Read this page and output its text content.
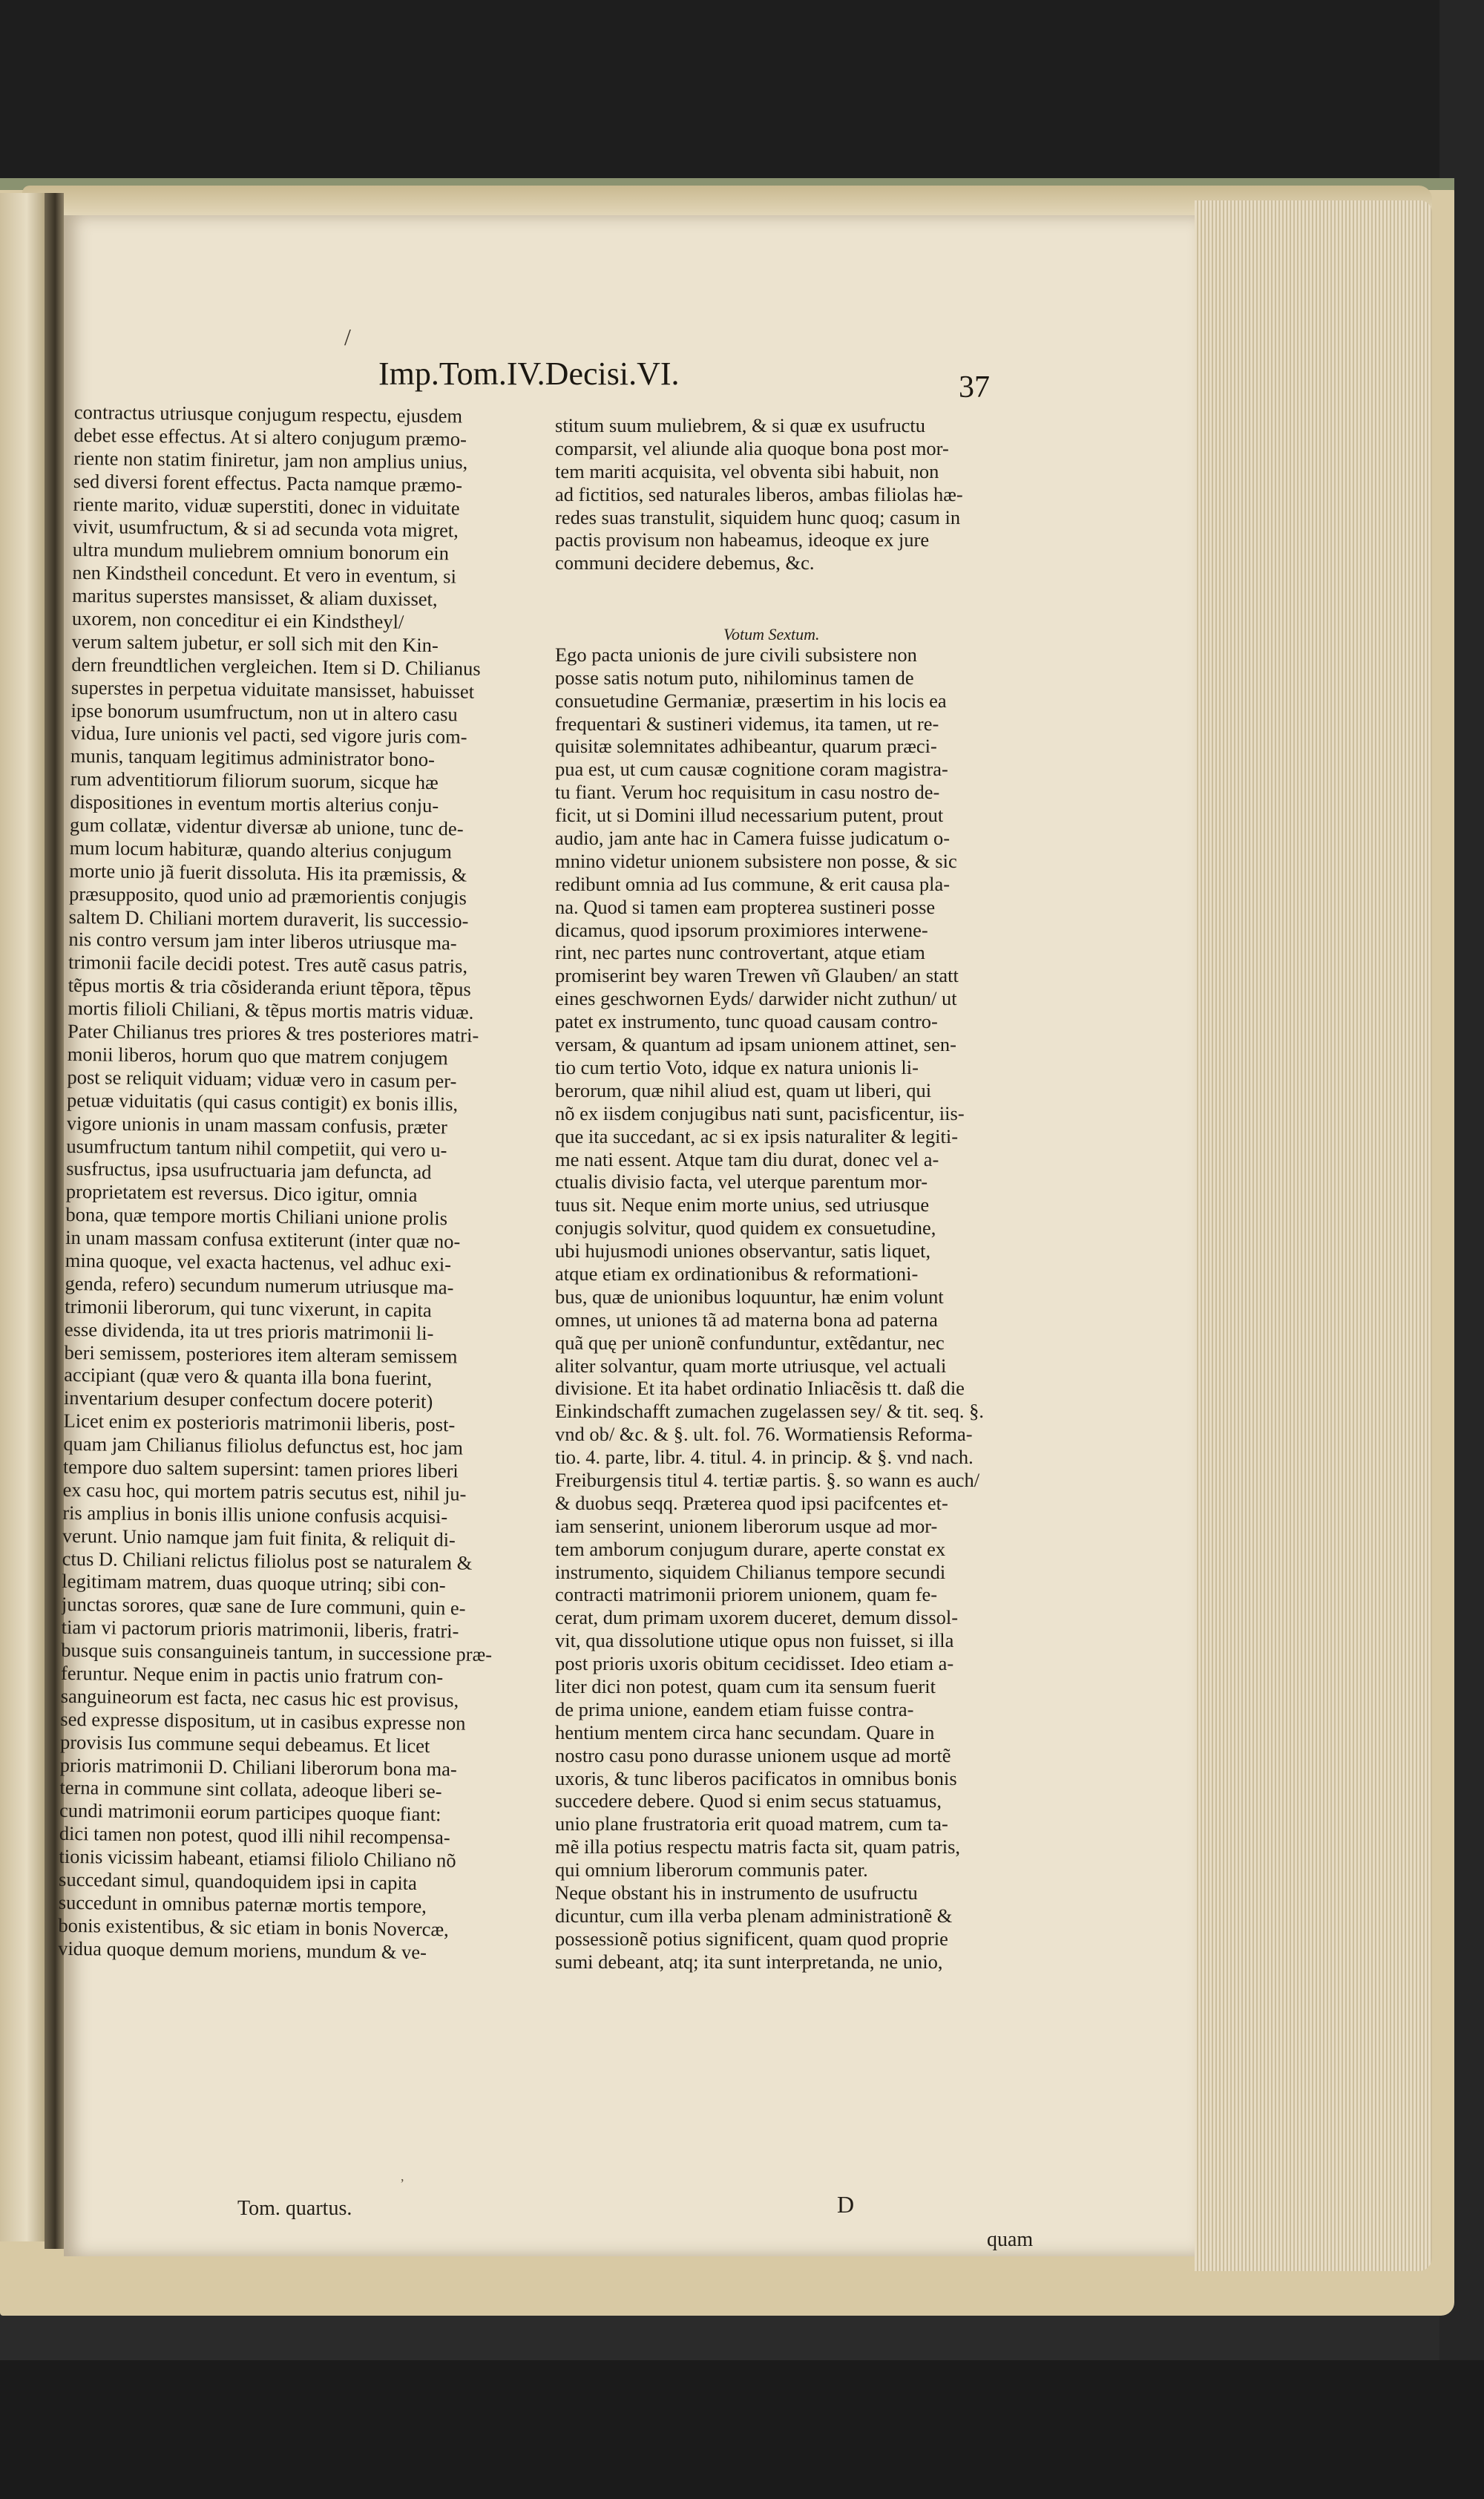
/
Imp.Tom.IV.Decisi.VI.	37
contractus utriusque conjugum respectu, ejusdem
debet esse effectus. At si altero conjugum præmo-
riente non statim finiretur, jam non amplius unius,
sed diversi forent effectus. Pacta namque præmo-
riente marito, viduæ superstiti, donec in viduitate
vivit, usumfructum, & si ad secunda vota migret,
ultra mundum muliebrem omnium bonorum ein
nen Kindstheil concedunt. Et vero in eventum, si
maritus superstes mansisset, & aliam duxisset,
uxorem, non conceditur ei ein Kindstheyl/
verum saltem jubetur, er soll sich mit den Kin-
dern freundtlichen vergleichen. Item si D. Chilianus
superstes in perpetua viduitate mansisset, habuisset
ipse bonorum usumfructum, non ut in altero casu
vidua, Iure unionis vel pacti, sed vigore juris com-
munis, tanquam legitimus administrator bono-
rum adventitiorum filiorum suorum, sicque hæ
dispositiones in eventum mortis alterius conju-
gum collatæ, videntur diversæ ab unione, tunc de-
mum locum habituræ, quando alterius conjugum
morte unio jã fuerit dissoluta. His ita præmissis, &
præsupposito, quod unio ad præmorientis conjugis
saltem D. Chiliani mortem duraverit, lis successio-
nis contro versum jam inter liberos utriusque ma-
trimonii facile decidi potest. Tres autẽ casus patris,
tẽpus mortis & tria cõsideranda eriunt tẽpora, tẽpus
mortis filioli Chiliani, & tẽpus mortis matris viduæ.
Pater Chilianus tres priores & tres posteriores matri-
monii liberos, horum quo que matrem conjugem
post se reliquit viduam; viduæ vero in casum per-
petuæ viduitatis (qui casus contigit) ex bonis illis,
vigore unionis in unam massam confusis, præter
usumfructum tantum nihil competiit, qui vero u-
susfructus, ipsa usufructuaria jam defuncta, ad
proprietatem est reversus. Dico igitur, omnia
bona, quæ tempore mortis Chiliani unione prolis
in unam massam confusa extiterunt (inter quæ no-
mina quoque, vel exacta hactenus, vel adhuc exi-
genda, refero) secundum numerum utriusque ma-
trimonii liberorum, qui tunc vixerunt, in capita
esse dividenda, ita ut tres prioris matrimonii li-
beri semissem, posteriores item alteram semissem
accipiant (quæ vero & quanta illa bona fuerint,
inventarium desuper confectum docere poterit)
Licet enim ex posterioris matrimonii liberis, post-
quam jam Chilianus filiolus defunctus est, hoc jam
tempore duo saltem supersint: tamen priores liberi
ex casu hoc, qui mortem patris secutus est, nihil ju-
ris amplius in bonis illis unione confusis acquisi-
verunt. Unio namque jam fuit finita, & reliquit di-
ctus D. Chiliani relictus filiolus post se naturalem &
legitimam matrem, duas quoque utrinq; sibi con-
junctas sorores, quæ sane de Iure communi, quin e-
tiam vi pactorum prioris matrimonii, liberis, fratri-
busque suis consanguineis tantum, in successione præ-
feruntur. Neque enim in pactis unio fratrum con-
sanguineorum est facta, nec casus hic est provisus,
sed expresse dispositum, ut in casibus expresse non
provisis Ius commune sequi debeamus. Et licet
prioris matrimonii D. Chiliani liberorum bona ma-
terna in commune sint collata, adeoque liberi se-
cundi matrimonii eorum participes quoque fiant:
dici tamen non potest, quod illi nihil recompensa-
tionis vicissim habeant, etiamsi filiolo Chiliano nõ
succedant simul, quandoquidem ipsi in capita
succedunt in omnibus paternæ mortis tempore,
bonis existentibus, & sic etiam in bonis Novercæ,
vidua quoque demum moriens, mundum & ve-
stitum suum muliebrem, & si quæ ex usufructu
comparsit, vel aliunde alia quoque bona post mor-
tem mariti acquisita, vel obventa sibi habuit, non
ad fictitios, sed naturales liberos, ambas filiolas hæ-
redes suas transtulit, siquidem hunc quoq; casum in
pactis provisum non habeamus, ideoque ex jure
communi decidere debemus, &c.
Ego pacta unionis de jure civili subsistere non
posse satis notum puto, nihilominus tamen de
consuetudine Germaniæ, præsertim in his locis ea
frequentari & sustineri videmus, ita tamen, ut re-
quisitæ solemnitates adhibeantur, quarum præci-
pua est, ut cum causæ cognitione coram magistra-
tu fiant. Verum hoc requisitum in casu nostro de-
ficit, ut si Domini illud necessarium putent, prout
audio, jam ante hac in Camera fuisse judicatum o-
mnino videtur unionem subsistere non posse, & sic
redibunt omnia ad Ius commune, & erit causa pla-
na. Quod si tamen eam propterea sustineri posse
dicamus, quod ipsorum proximiores interwene-
rint, nec partes nunc controvertant, atque etiam
promiserint bey waren Trewen vñ Glauben/ an statt
eines geschwornen Eyds/ darwider nicht zuthun/ ut
patet ex instrumento, tunc quoad causam contro-
versam, & quantum ad ipsam unionem attinet, sen-
tio cum tertio Voto, idque ex natura unionis li-
berorum, quæ nihil aliud est, quam ut liberi, qui
nõ ex iisdem conjugibus nati sunt, pacisficentur, iis-
que ita succedant, ac si ex ipsis naturaliter & legiti-
me nati essent. Atque tam diu durat, donec vel a-
ctualis divisio facta, vel uterque parentum mor-
tuus sit. Neque enim morte unius, sed utriusque
conjugis solvitur, quod quidem ex consuetudine,
ubi hujusmodi uniones observantur, satis liquet,
atque etiam ex ordinationibus & reformationi-
bus, quæ de unionibus loquuntur, hæ enim volunt
omnes, ut uniones tã ad materna bona ad paterna
quã quę per unionẽ confunduntur, extẽdantur, nec
aliter solvantur, quam morte utriusque, vel actuali
divisione. Et ita habet ordinatio Inliacẽsis tt. daß die
Einkindschafft zumachen zugelassen sey/ & tit. seq. §.
vnd ob/ &c. & §. ult. fol. 76. Wormatiensis Reforma-
tio. 4. parte, libr. 4. titul. 4. in princip. & §. vnd nach.
Freiburgensis titul 4. tertiæ partis. §. so wann es auch/
& duobus seqq. Præterea quod ipsi pacifcentes et-
iam senserint, unionem liberorum usque ad mor-
tem amborum conjugum durare, aperte constat ex
instrumento, siquidem Chilianus tempore secundi
contracti matrimonii priorem unionem, quam fe-
cerat, dum primam uxorem duceret, demum dissol-
vit, qua dissolutione utique opus non fuisset, si illa
post prioris uxoris obitum cecidisset. Ideo etiam a-
liter dici non potest, quam cum ita sensum fuerit
de prima unione, eandem etiam fuisse contra-
hentium mentem circa hanc secundam. Quare in
nostro casu pono durasse unionem usque ad mortẽ
uxoris, & tunc liberos pacificatos in omnibus bonis
succedere debere. Quod si enim secus statuamus,
unio plane frustratoria erit quoad matrem, cum ta-
mẽ illa potius respectu matris facta sit, quam patris,
qui omnium liberorum communis pater.
Neque obstant his in instrumento de usufructu
dicuntur, cum illa verba plenam administrationẽ &
possessionẽ potius significent, quam quod proprie
sumi debeant, atq; ita sunt interpretanda, ne unio,
Votum Sextum.
Tom. quartus.
,
D
quam
